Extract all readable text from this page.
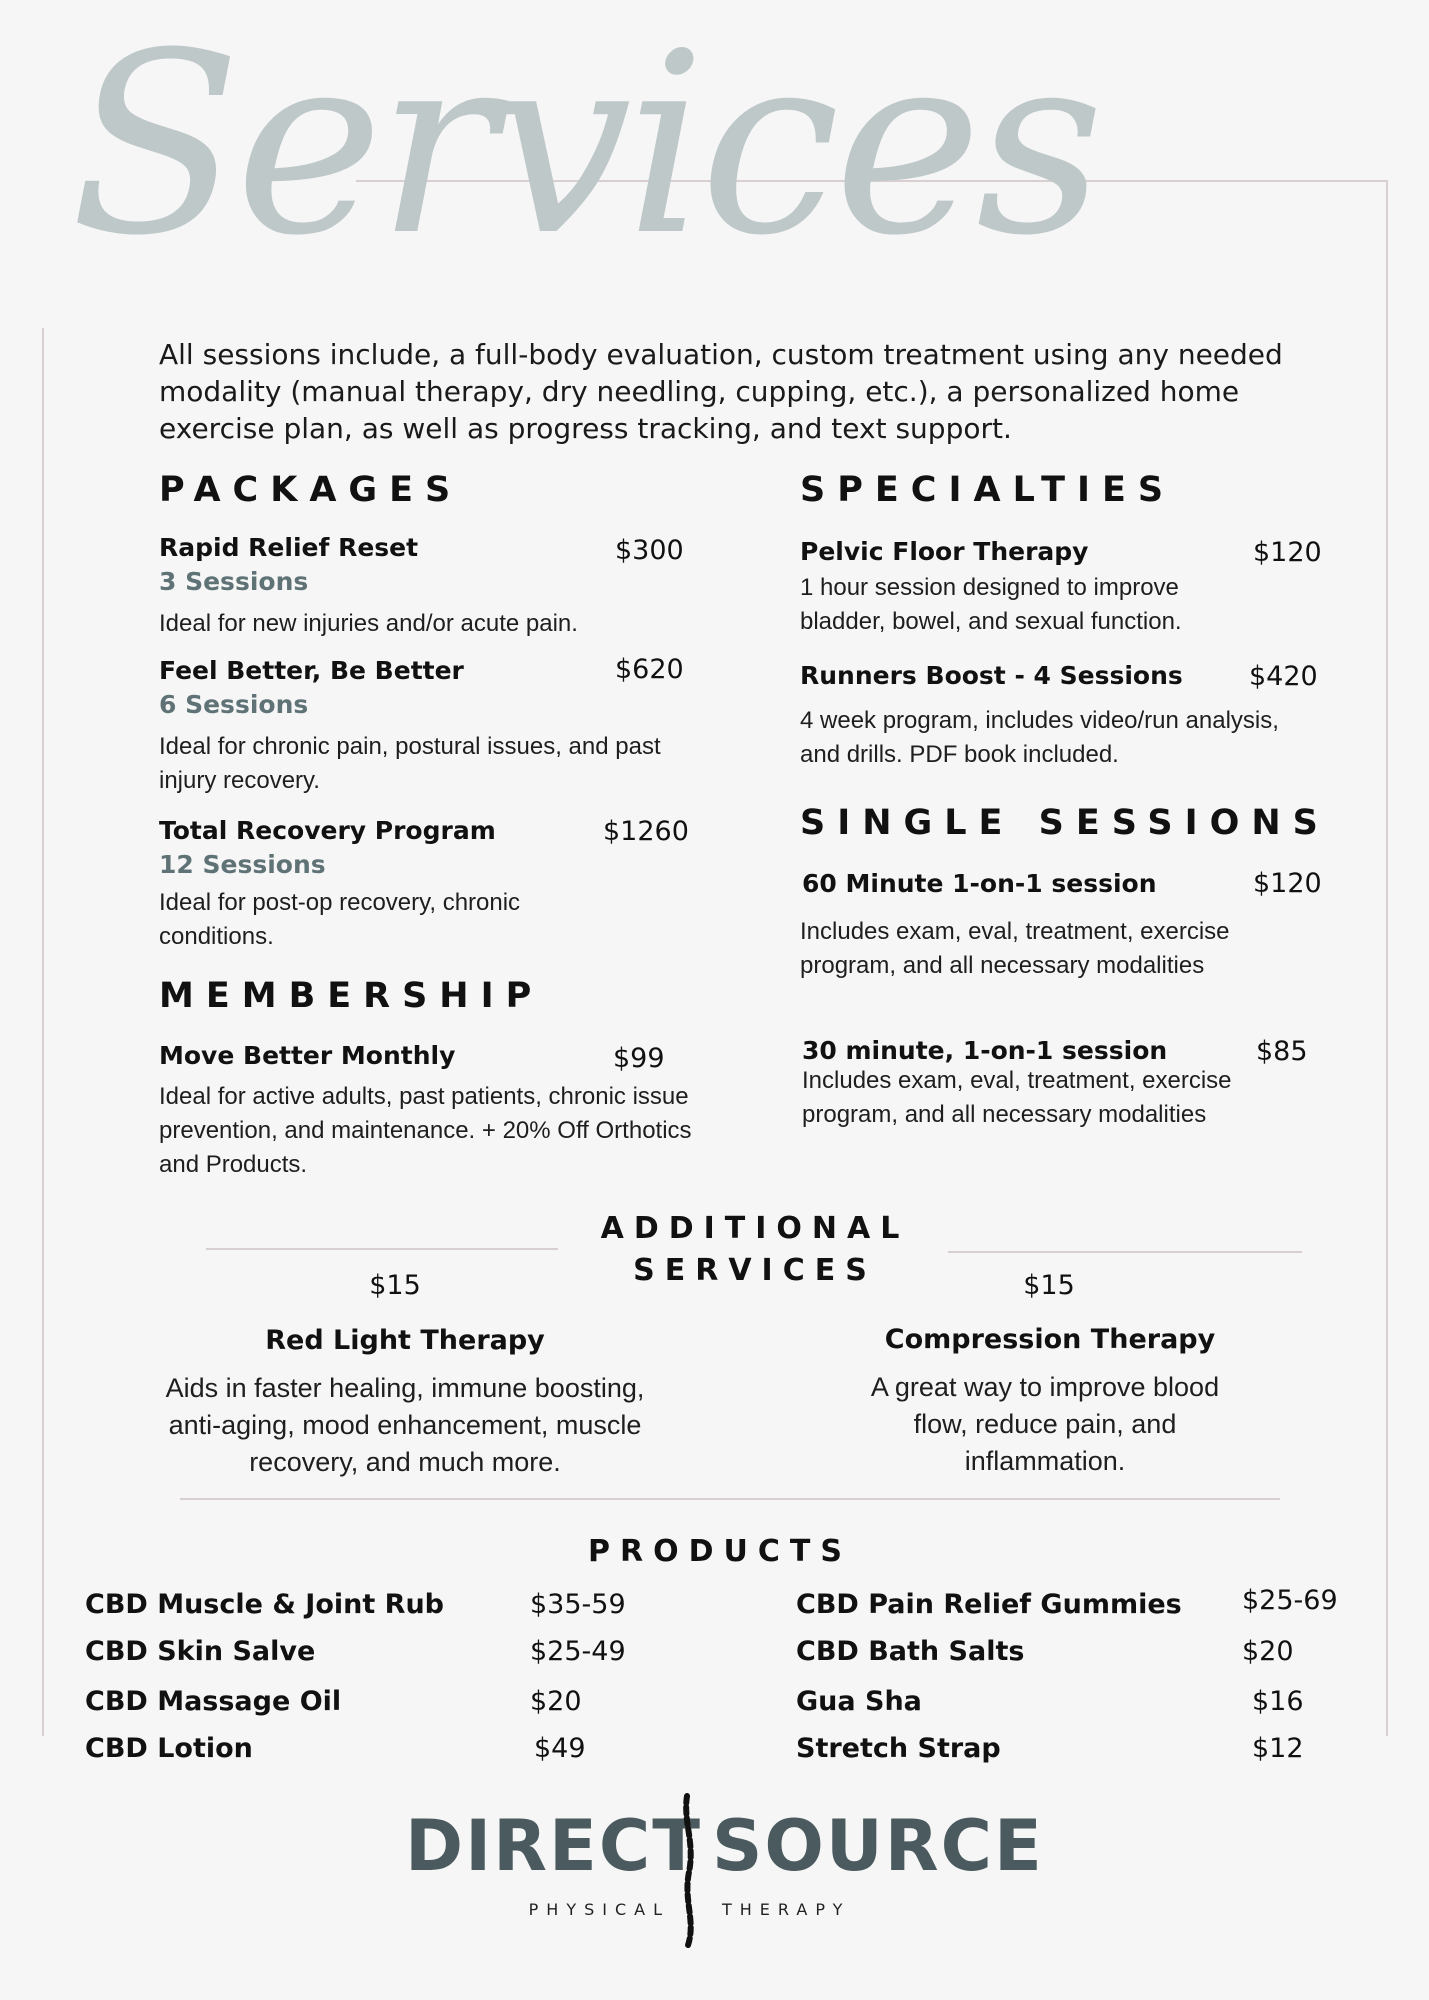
Services
All sessions include, a full-body evaluation, custom treatment using any needed modality (manual therapy, dry needling, cupping, etc.), a personalized home exercise plan, as well as progress tracking, and text support.
PACKAGES
Rapid Relief Reset	$300
3 Sessions
Ideal for new injuries and/or acute pain.
Feel Better, Be Better	$620
6 Sessions
Ideal for chronic pain, postural issues, and past injury recovery.
Total Recovery Program	$1260
12 Sessions
Ideal for post-op recovery, chronic conditions.
MEMBERSHIP
Move Better Monthly	$99
Ideal for active adults, past patients, chronic issue prevention, and maintenance. + 20% Off Orthotics and Products.
SPECIALTIES
Pelvic Floor Therapy	$120
1 hour session designed to improve bladder, bowel, and sexual function.
Runners Boost - 4 Sessions $420
4 week program, includes video/run analysis, and drills. PDF book included.
SINGLE SESSIONS
60 Minute 1-on-1 session	$120
Includes exam, eval, treatment, exercise program, and all necessary modalities
30 minute, 1-on-1 session	$85
Includes exam, eval, treatment, exercise program, and all necessary modalities
ADDITIONAL
SERVICES
$15
Red Light Therapy
Aids in faster healing, immune boosting, anti-aging, mood enhancement, muscle recovery, and much more.
$15
Compression Therapy
A great way to improve blood flow, reduce pain, and inflammation.
PRODUCTS
CBD Muscle & Joint Rub	$35-59
CBD Skin Salve	$25-49
CBD Massage Oil	$20
CBD Lotion	$49
CBD Pain Relief Gummies $25-69
CBD Bath Salts	$20
Gua Sha	$16
Stretch Strap	$12
DIRECT SOURCE
PHYSICAL	THERAPY
